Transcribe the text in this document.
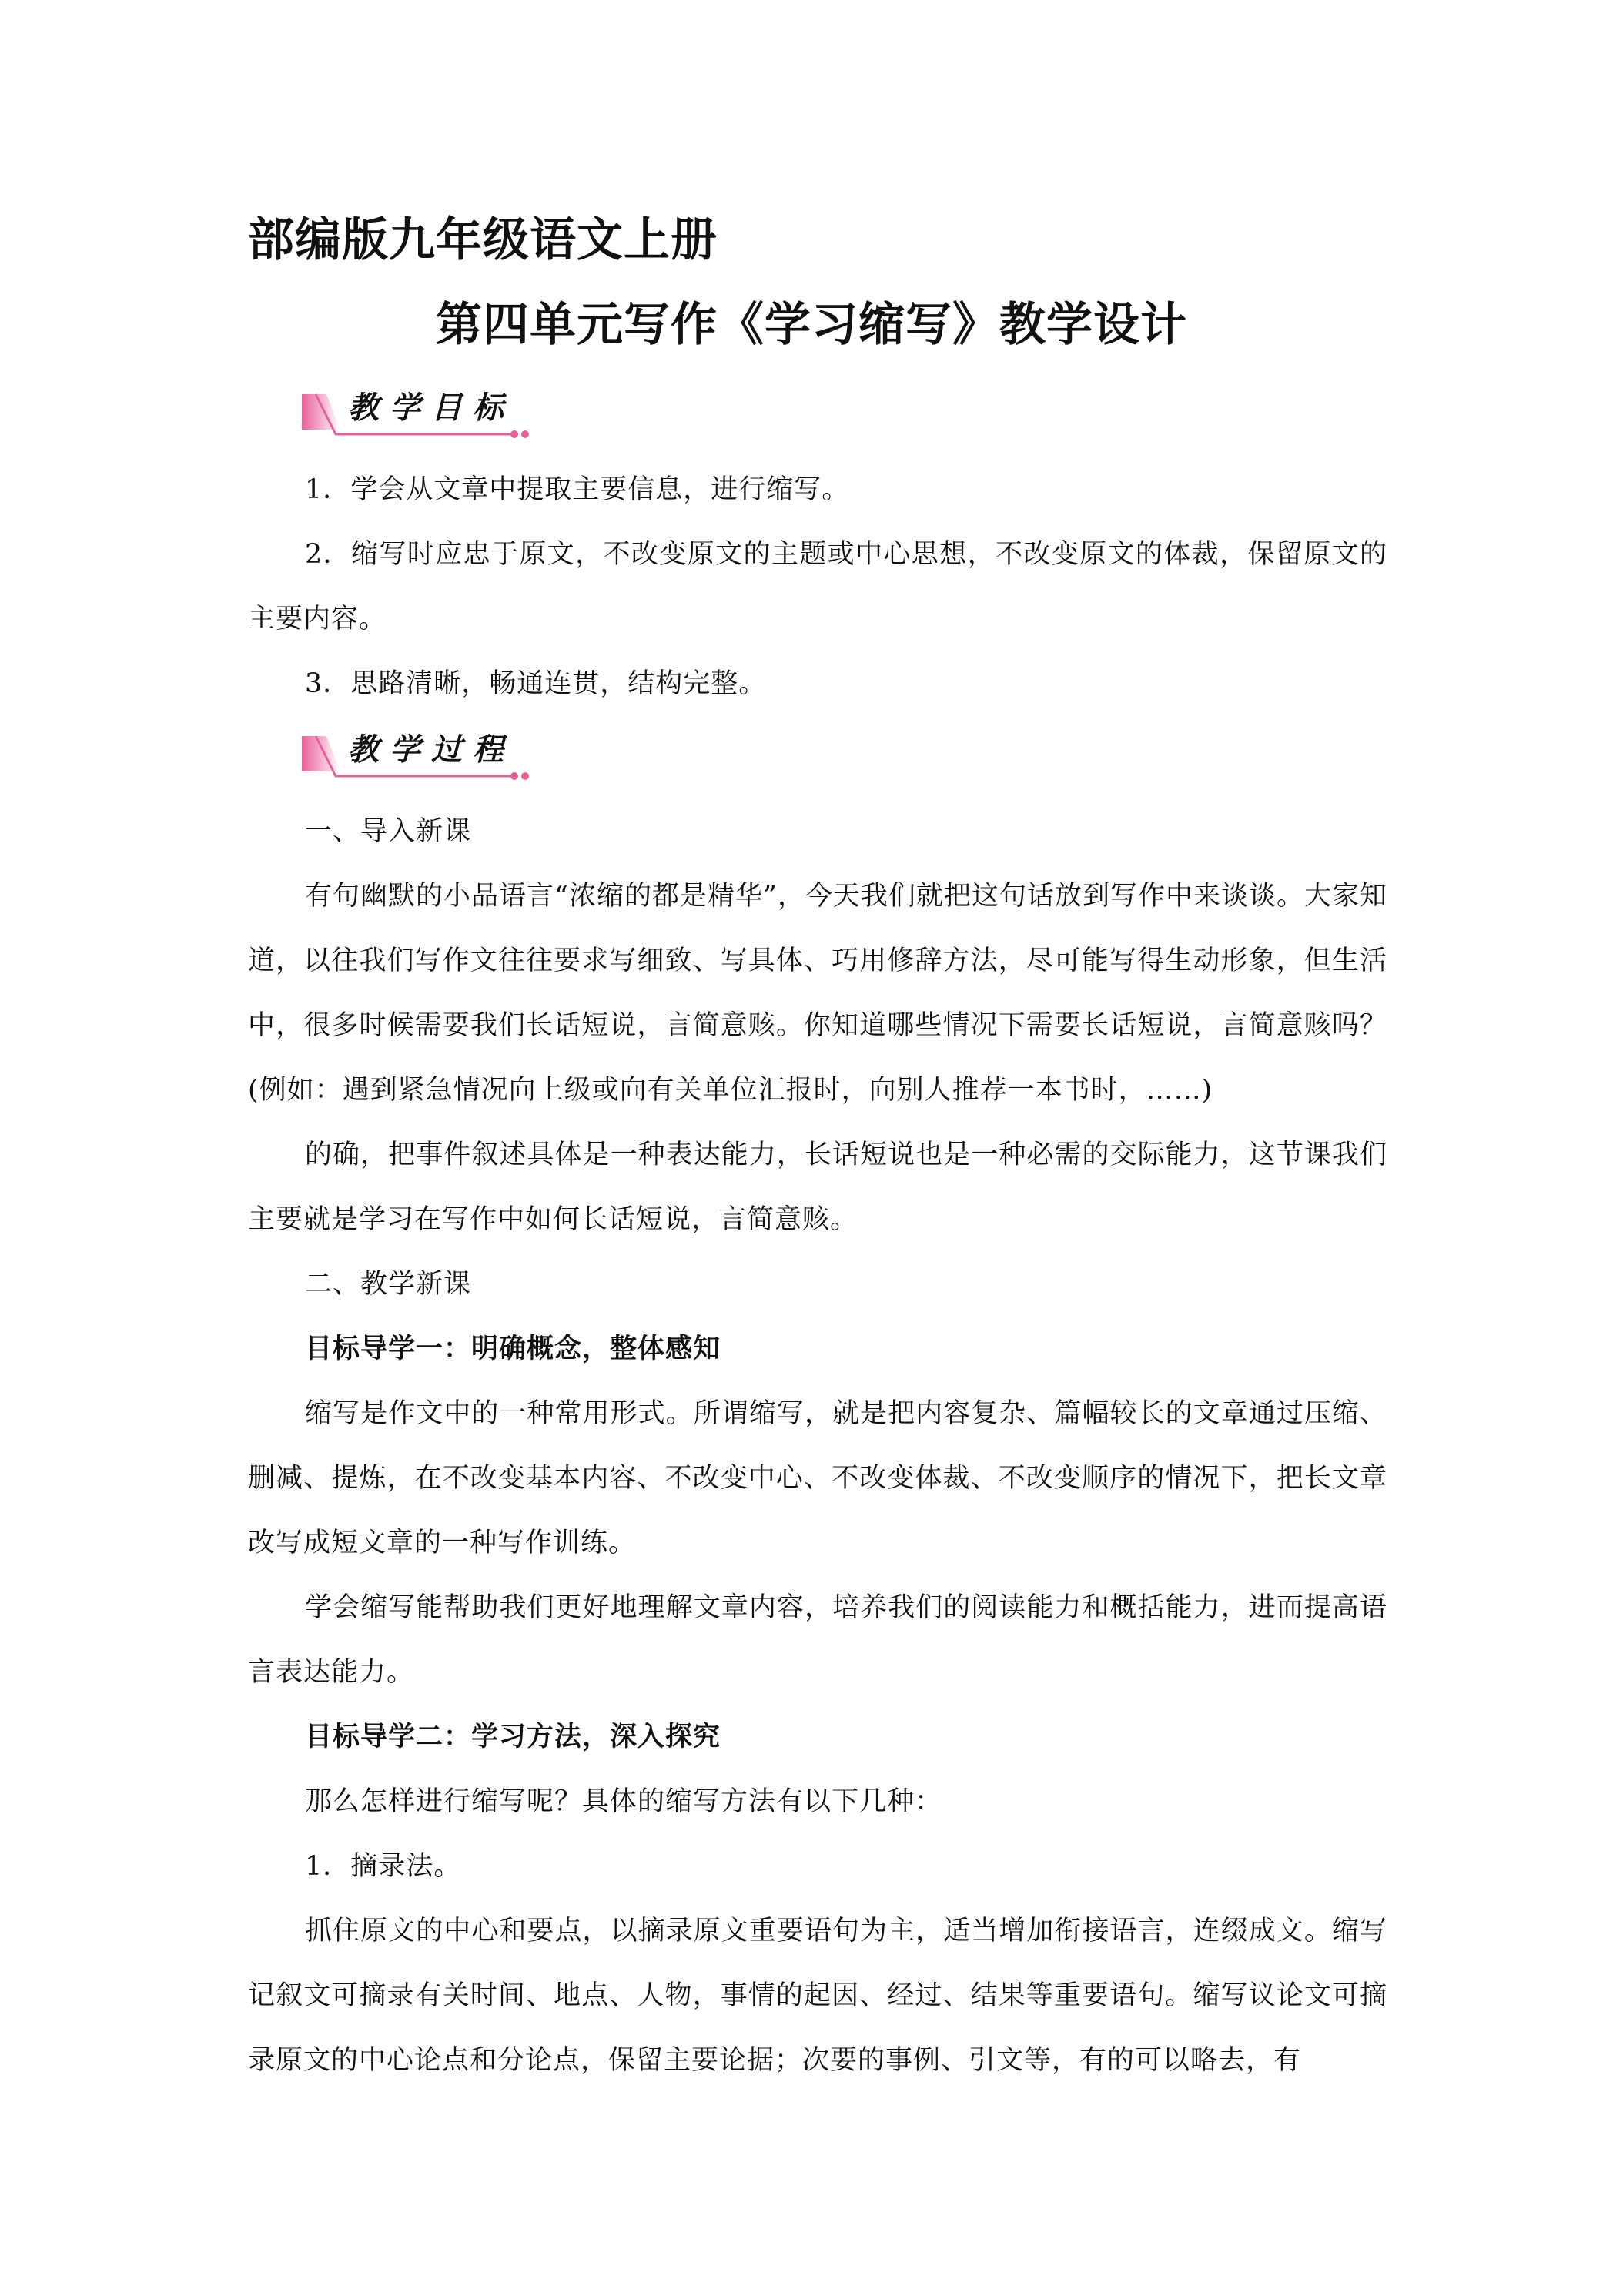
部编版九年级语文上册
第四单元写作《学习缩写》教学设计
教学目标

1．学会从文章中提取主要信息，进行缩写。

2．缩写时应忠于原文，不改变原文的主题或中心思想，不改变原文的体裁，保留原文的主要内容。

3．思路清晰，畅通连贯，结构完整。

教学过程

一、导入新课

有句幽默的小品语言“浓缩的都是精华”，今天我们就把这句话放到写作中来谈谈。大家知道，以往我们写作文往往要求写细致、写具体、巧用修辞方法，尽可能写得生动形象，但生活中，很多时候需要我们长话短说，言简意赅。你知道哪些情况下需要长话短说，言简意赅吗？(例如：遇到紧急情况向上级或向有关单位汇报时，向别人推荐一本书时，……)

的确，把事件叙述具体是一种表达能力，长话短说也是一种必需的交际能力，这节课我们主要就是学习在写作中如何长话短说，言简意赅。

二、教学新课

目标导学一：明确概念，整体感知

缩写是作文中的一种常用形式。所谓缩写，就是把内容复杂、篇幅较长的文章通过压缩、删减、提炼，在不改变基本内容、不改变中心、不改变体裁、不改变顺序的情况下，把长文章改写成短文章的一种写作训练。

学会缩写能帮助我们更好地理解文章内容，培养我们的阅读能力和概括能力，进而提高语言表达能力。

目标导学二：学习方法，深入探究

那么怎样进行缩写呢？具体的缩写方法有以下几种：

1．摘录法。

抓住原文的中心和要点，以摘录原文重要语句为主，适当增加衔接语言，连缀成文。缩写记叙文可摘录有关时间、地点、人物，事情的起因、经过、结果等重要语句。缩写议论文可摘录原文的中心论点和分论点，保留主要论据；次要的事例、引文等，有的可以略去，有
